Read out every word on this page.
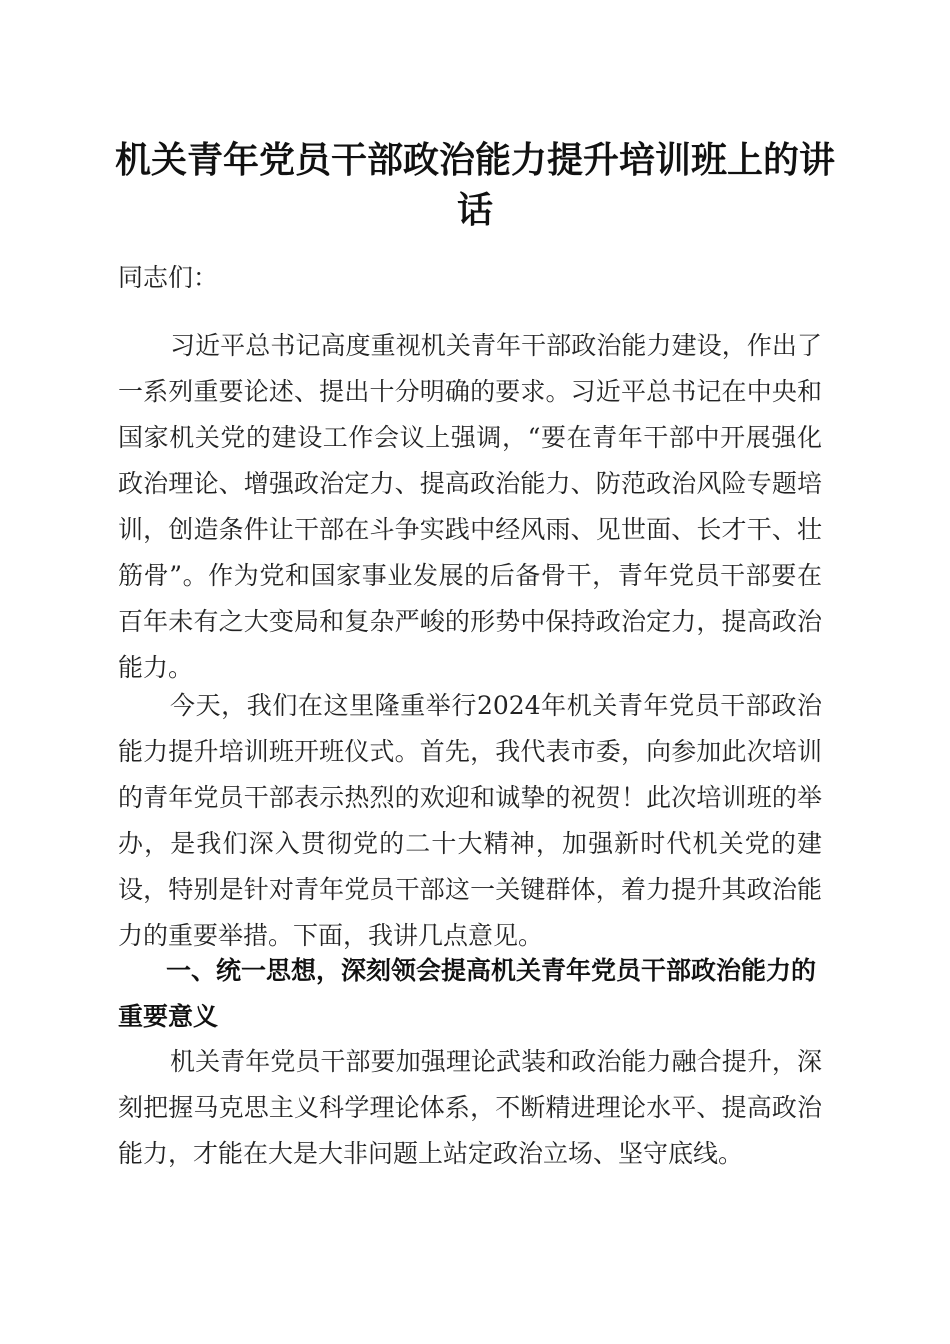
机关青年党员干部政治能力提升培训班上的讲话

同志们：

习近平总书记高度重视机关青年干部政治能力建设，作出了一系列重要论述、提出十分明确的要求。习近平总书记在中央和国家机关党的建设工作会议上强调，“要在青年干部中开展强化政治理论、增强政治定力、提高政治能力、防范政治风险专题培训，创造条件让干部在斗争实践中经风雨、见世面、长才干、壮筋骨”。作为党和国家事业发展的后备骨干，青年党员干部要在百年未有之大变局和复杂严峻的形势中保持政治定力，提高政治能力。

今天，我们在这里隆重举行2024年机关青年党员干部政治能力提升培训班开班仪式。首先，我代表市委，向参加此次培训的青年党员干部表示热烈的欢迎和诚挚的祝贺！此次培训班的举办，是我们深入贯彻党的二十大精神，加强新时代机关党的建设，特别是针对青年党员干部这一关键群体，着力提升其政治能力的重要举措。下面，我讲几点意见。

一、统一思想，深刻领会提高机关青年党员干部政治能力的重要意义

机关青年党员干部要加强理论武装和政治能力融合提升，深刻把握马克思主义科学理论体系，不断精进理论水平、提高政治能力，才能在大是大非问题上站定政治立场、坚守底线。
